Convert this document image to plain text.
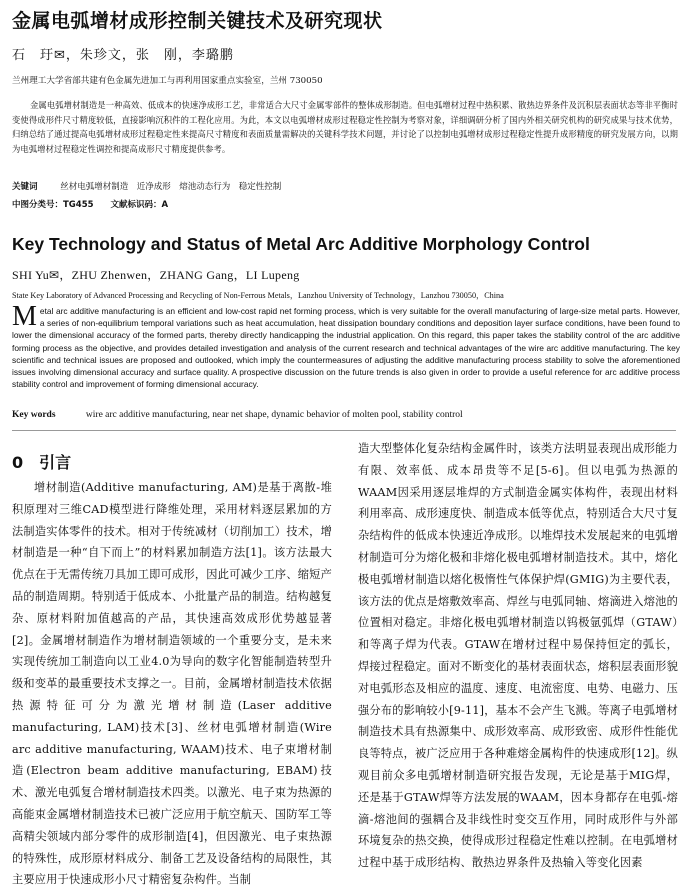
金属电弧增材成形控制关键技术及研究现状
石　玗✉，朱珍文，张　刚，李璐鹏
兰州理工大学省部共建有色金属先进加工与再利用国家重点实验室，兰州 730050
金属电弧增材制造是一种高效、低成本的快速净成形工艺，非常适合大尺寸金属零部件的整体成形制造。但电弧增材过程中热积累、散热边界条件及沉积层表面状态等非平衡时变使得成形件尺寸精度较低，直接影响沉积件的工程化应用。为此，本文以电弧增材成形过程稳定性控制为考察对象，详细调研分析了国内外相关研究机构的研究成果与技术优势，归纳总结了通过提高电弧增材成形过程稳定性来提高尺寸精度和表面质量需解决的关键科学技术问题，并讨论了以控制电弧增材成形过程稳定性提升成形精度的研究发展方向，以期为电弧增材过程稳定性调控和提高成形尺寸精度提供参考。
关键词	丝材电弧增材制造　近净成形　熔池动态行为　稳定性控制
中图分类号：TG455　　文献标识码：A
Key Technology and Status of Metal Arc Additive Morphology Control
SHI Yu✉，ZHU Zhenwen，ZHANG Gang，LI Lupeng
State Key Laboratory of Advanced Processing and Recycling of Non-Ferrous Metals，Lanzhou University of Technology，Lanzhou 730050，China
Metal arc additive manufacturing is an efficient and low-cost rapid net forming process, which is very suitable for the overall manufacturing of large-size metal parts. However, a series of non-equilibrium temporal variations such as heat accumulation, heat dissipation boundary conditions and deposition layer surface conditions, have been found to lower the dimensional accuracy of the formed parts, thereby directly handicapping the industrial application. On this regard, this paper takes the stability control of the arc additive forming process as the objective, and provides detailed investigation and analysis of the current research and technical advantages of the wire arc additive manufacturing. The key scientific and technical issues are proposed and outlooked, which imply the countermeasures of adjusting the additive manufacturing process stability to solve the aforementioned issues involving dimensional accuracy and surface quality. A prospective discussion on the future trends is also given in order to provide a useful reference for arc additive process stability control and improvement of forming dimensional accuracy.
Key words	wire arc additive manufacturing, near net shape, dynamic behavior of molten pool, stability control
0　引言
增材制造(Additive manufacturing, AM)是基于离散-堆积原理对三维CAD模型进行降维处理，采用材料逐层累加的方法制造实体零件的技术。相对于传统减材（切削加工）技术，增材制造是一种“自下而上”的材料累加制造方法[1]。该方法最大优点在于无需传统刀具加工即可成形，因此可减少工序、缩短产品的制造周期。特别适于低成本、小批量产品的制造。结构越复杂、原材料附加值越高的产品，其快速高效成形优势越显著[2]。金属增材制造作为增材制造领域的一个重要分支，是未来实现传统加工制造向以工业4.0为导向的数字化智能制造转型升级和变革的最重要技术支撑之一。目前，金属增材制造技术依据热源特征可分为激光增材制造(Laser additive manufacturing, LAM)技术[3]、丝材电弧增材制造(Wire arc additive manufacturing, WAAM)技术、电子束增材制造(Electron beam additive manufacturing, EBAM)技术、激光电弧复合增材制造技术四类。以激光、电子束为热源的高能束金属增材制造技术已被广泛应用于航空航天、国防军工等高精尖领域内部分零件的成形制造[4]，但因激光、电子束热源的特殊性，成形原材料成分、制备工艺及设备结构的局限性，其主要应用于快速成形小尺寸精密复杂构件。当制
造大型整体化复杂结构金属件时，该类方法明显表现出成形能力有限、效率低、成本昂贵等不足[5-6]。但以电弧为热源的WAAM因采用逐层堆焊的方式制造金属实体构件，表现出材料利用率高、成形速度快、制造成本低等优点，特别适合大尺寸复杂结构件的低成本快速近净成形。以堆焊技术发展起来的电弧增材制造可分为熔化极和非熔化极电弧增材制造技术。其中，熔化极电弧增材制造以熔化极惰性气体保护焊(GMIG)为主要代表，该方法的优点是熔敷效率高、焊丝与电弧同轴、熔滴进入熔池的位置相对稳定。非熔化极电弧增材制造以钨极氩弧焊（GTAW）和等离子焊为代表。GTAW在增材过程中易保持恒定的弧长，焊接过程稳定。面对不断变化的基材表面状态，熔积层表面形貌对电弧形态及相应的温度、速度、电流密度、电势、电磁力、压强分布的影响较小[9-11]，基本不会产生飞溅。等离子电弧增材制造技术具有热源集中、成形效率高、成形致密、成形件性能优良等特点，被广泛应用于各种难熔金属构件的快速成形[12]。纵观目前众多电弧增材制造研究报告发现，无论是基于MIG焊，还是基于GTAW焊等方法发展的WAAM，因本身都存在电弧-熔滴-熔池间的强耦合及非线性时变交互作用，同时成形件与外部环境复杂的热交换，使得成形过程稳定性难以控制。在电弧增材过程中基于成形结构、散热边界条件及热输入等变化因素
